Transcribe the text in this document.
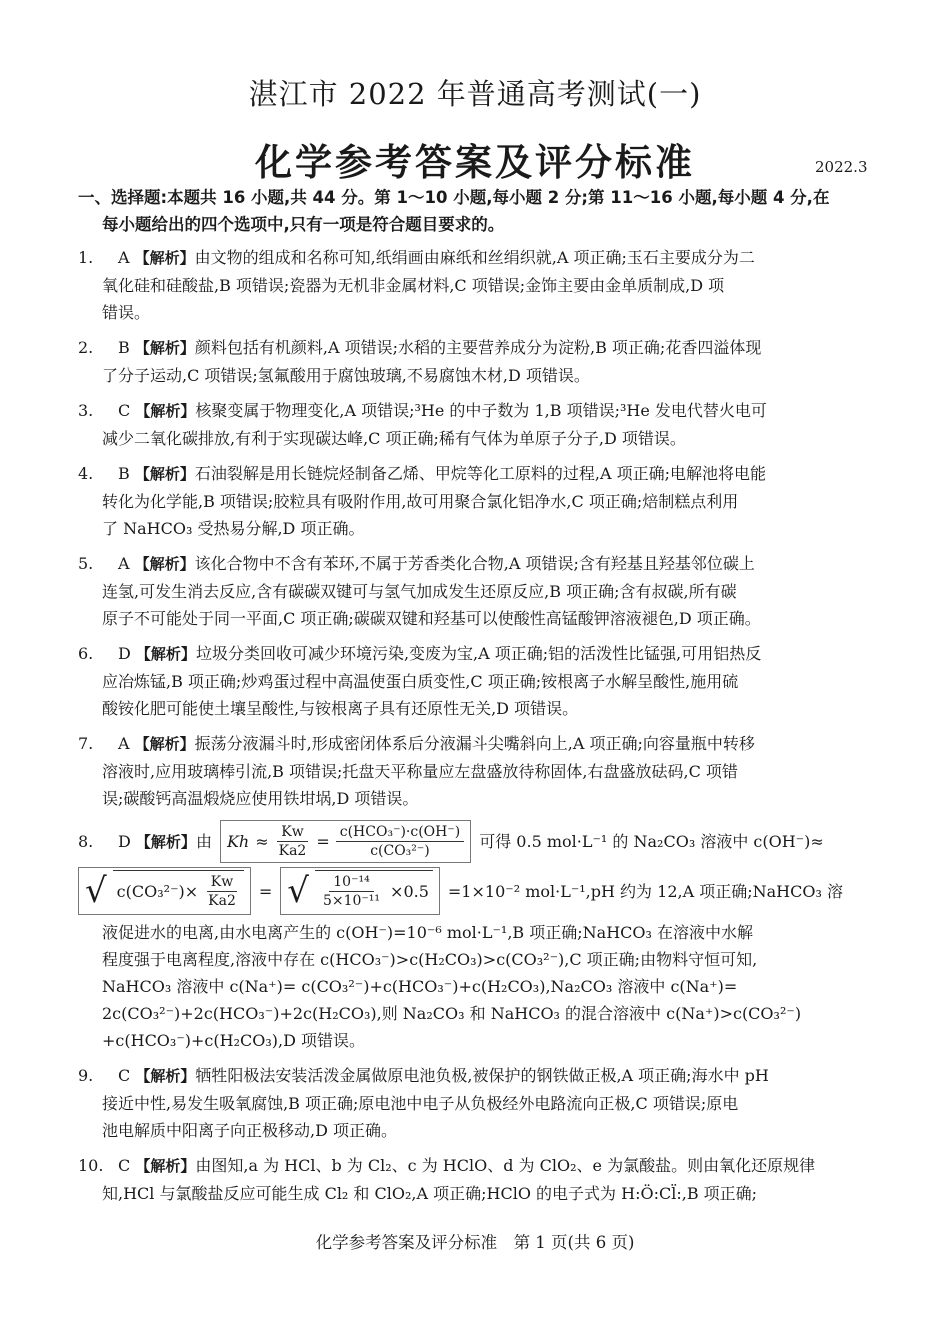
湛江市 2022 年普通高考测试(一)
化学参考答案及评分标准	2022.3
一、选择题:本题共 16 小题,共 44 分。第 1～10 小题,每小题 2 分;第 11～16 小题,每小题 4 分,在
每小题给出的四个选项中,只有一项是符合题目要求的。
1. A 【解析】由文物的组成和名称可知,纸绢画由麻纸和丝绢织就,A 项正确;玉石主要成分为二
氧化硅和硅酸盐,B 项错误;瓷器为无机非金属材料,C 项错误;金饰主要由金单质制成,D 项
错误。
2. B 【解析】颜料包括有机颜料,A 项错误;水稻的主要营养成分为淀粉,B 项正确;花香四溢体现
了分子运动,C 项错误;氢氟酸用于腐蚀玻璃,不易腐蚀木材,D 项错误。
3. C 【解析】核聚变属于物理变化,A 项错误;³He 的中子数为 1,B 项错误;³He 发电代替火电可
减少二氧化碳排放,有利于实现碳达峰,C 项正确;稀有气体为单原子分子,D 项错误。
4. B 【解析】石油裂解是用长链烷烃制备乙烯、甲烷等化工原料的过程,A 项正确;电解池将电能
转化为化学能,B 项错误;胶粒具有吸附作用,故可用聚合氯化铝净水,C 项正确;焙制糕点利用
了 NaHCO₃ 受热易分解,D 项正确。
5. A 【解析】该化合物中不含有苯环,不属于芳香类化合物,A 项错误;含有羟基且羟基邻位碳上
连氢,可发生消去反应,含有碳碳双键可与氢气加成发生还原反应,B 项正确;含有叔碳,所有碳
原子不可能处于同一平面,C 项正确;碳碳双键和羟基可以使酸性高锰酸钾溶液褪色,D 项正确。
6. D 【解析】垃圾分类回收可减少环境污染,变废为宝,A 项正确;铝的活泼性比锰强,可用铝热反
应冶炼锰,B 项正确;炒鸡蛋过程中高温使蛋白质变性,C 项正确;铵根离子水解呈酸性,施用硫
酸铵化肥可能使土壤呈酸性,与铵根离子具有还原性无关,D 项错误。
7. A 【解析】振荡分液漏斗时,形成密闭体系后分液漏斗尖嘴斜向上,A 项正确;向容量瓶中转移
溶液时,应用玻璃棒引流,B 项错误;托盘天平称量应左盘盛放待称固体,右盘盛放砝码,C 项错
误;碳酸钙高温煅烧应使用铁坩埚,D 项错误。
8. D 【解析】由 $Kh \approx \frac{Kw}{Ka2} = \frac{\text{c(HCO₃⁻)·c(OH⁻)}}{\text{c(CO₃²⁻)}}$ 可得 0.5 mol·L⁻¹ 的 Na₂CO₃ 溶液中 c(OH⁻)≈
√ $c(CO_3^{2-})\times \frac{Kw}{Ka2}$ = √ $\frac{\text{10⁻¹⁴}}{\text{5×10⁻¹¹}} \times 0.5 =1\times 10^{-2}$ mol·L⁻¹,pH 约为 12,A 项正确;NaHCO₃ 溶
液促进水的电离,由水电离产生的 c(OH⁻)=10⁻⁶ mol·L⁻¹,B 项正确;NaHCO₃ 在溶液中水解
程度强于电离程度,溶液中存在 c(HCO₃⁻)>c(H₂CO₃)>c(CO₃²⁻),C 项正确;由物料守恒可知,
NaHCO₃ 溶液中 c(Na⁺)= c(CO₃²⁻)+c(HCO₃⁻)+c(H₂CO₃),Na₂CO₃ 溶液中 c(Na⁺)=
2c(CO₃²⁻)+2c(HCO₃⁻)+2c(H₂CO₃),则 Na₂CO₃ 和 NaHCO₃ 的混合溶液中 c(Na⁺)>c(CO₃²⁻)
+c(HCO₃⁻)+c(H₂CO₃),D 项错误。
9. C 【解析】牺牲阳极法安装活泼金属做原电池负极,被保护的钢铁做正极,A 项正确;海水中 pH
接近中性,易发生吸氧腐蚀,B 项正确;原电池中电子从负极经外电路流向正极,C 项错误;原电
池电解质中阳离子向正极移动,D 项正确。
10. C 【解析】由图知,a 为 HCl、b 为 Cl₂、c 为 HClO、d 为 ClO₂、e 为氯酸盐。则由氧化还原规律
知,HCl 与氯酸盐反应可能生成 Cl₂ 和 ClO₂,A 项正确;HClO 的电子式为 H:Ö:Cl̈:,B 项正确;
化学参考答案及评分标准　第 1 页(共 6 页)
